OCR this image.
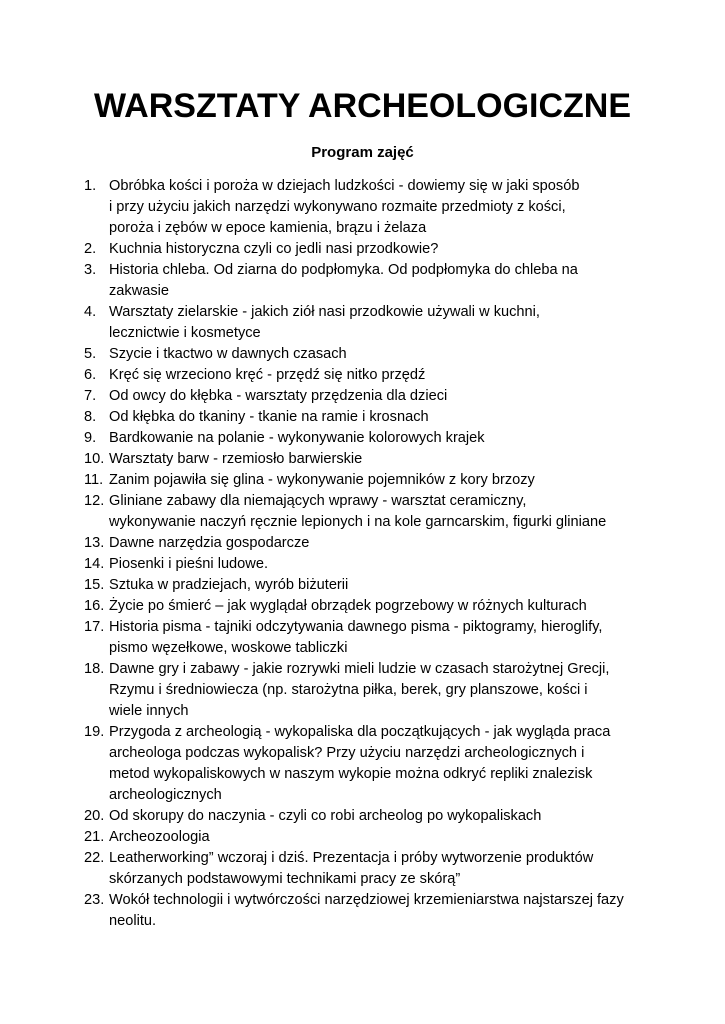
WARSZTATY ARCHEOLOGICZNE
Program zajęć
1. Obróbka kości i poroża w dziejach ludzkości - dowiemy się w jaki sposób
i przy użyciu jakich narzędzi wykonywano rozmaite przedmioty z kości,
poroża i zębów w epoce kamienia, brązu i żelaza
2. Kuchnia historyczna czyli co jedli nasi przodkowie?
3. Historia chleba. Od ziarna do podpłomyka. Od podpłomyka do chleba na
zakwasie
4. Warsztaty zielarskie - jakich ziół nasi przodkowie używali w kuchni,
lecznictwie i kosmetyce
5. Szycie i tkactwo w dawnych czasach
6. Kręć się wrzeciono kręć - przędź się nitko przędź
7. Od owcy do kłębka - warsztaty przędzenia dla dzieci
8. Od kłębka do tkaniny - tkanie na ramie i krosnach
9. Bardkowanie na polanie - wykonywanie kolorowych krajek
10. Warsztaty barw - rzemiosło barwierskie
11. Zanim pojawiła się glina - wykonywanie pojemników z kory brzozy
12. Gliniane zabawy dla niemających wprawy - warsztat ceramiczny,
wykonywanie naczyń ręcznie lepionych i na kole garncarskim, figurki gliniane
13. Dawne narzędzia gospodarcze
14. Piosenki i pieśni ludowe.
15. Sztuka w pradziejach, wyrób biżuterii
16. Życie po śmierć – jak wyglądał obrządek pogrzebowy w różnych kulturach
17. Historia pisma - tajniki odczytywania dawnego pisma - piktogramy, hieroglify,
pismo węzełkowe, woskowe tabliczki
18. Dawne gry i zabawy - jakie rozrywki mieli ludzie w czasach starożytnej Grecji,
Rzymu i średniowiecza (np. starożytna piłka, berek, gry planszowe, kości i
wiele innych
19. Przygoda z archeologią - wykopaliska dla początkujących - jak wygląda praca
archeologa podczas wykopalisk? Przy użyciu narzędzi archeologicznych i
metod wykopaliskowych w naszym wykopie można odkryć repliki znalezisk
archeologicznych
20. Od skorupy do naczynia - czyli co robi archeolog po wykopaliskach
21. Archeozoologia
22. Leatherworking” wczoraj i dziś. Prezentacja i próby wytworzenie produktów
skórzanych podstawowymi technikami pracy ze skórą”
23. Wokół technologii i wytwórczości narzędziowej krzemieniarstwa najstarszej fazy
neolitu.
